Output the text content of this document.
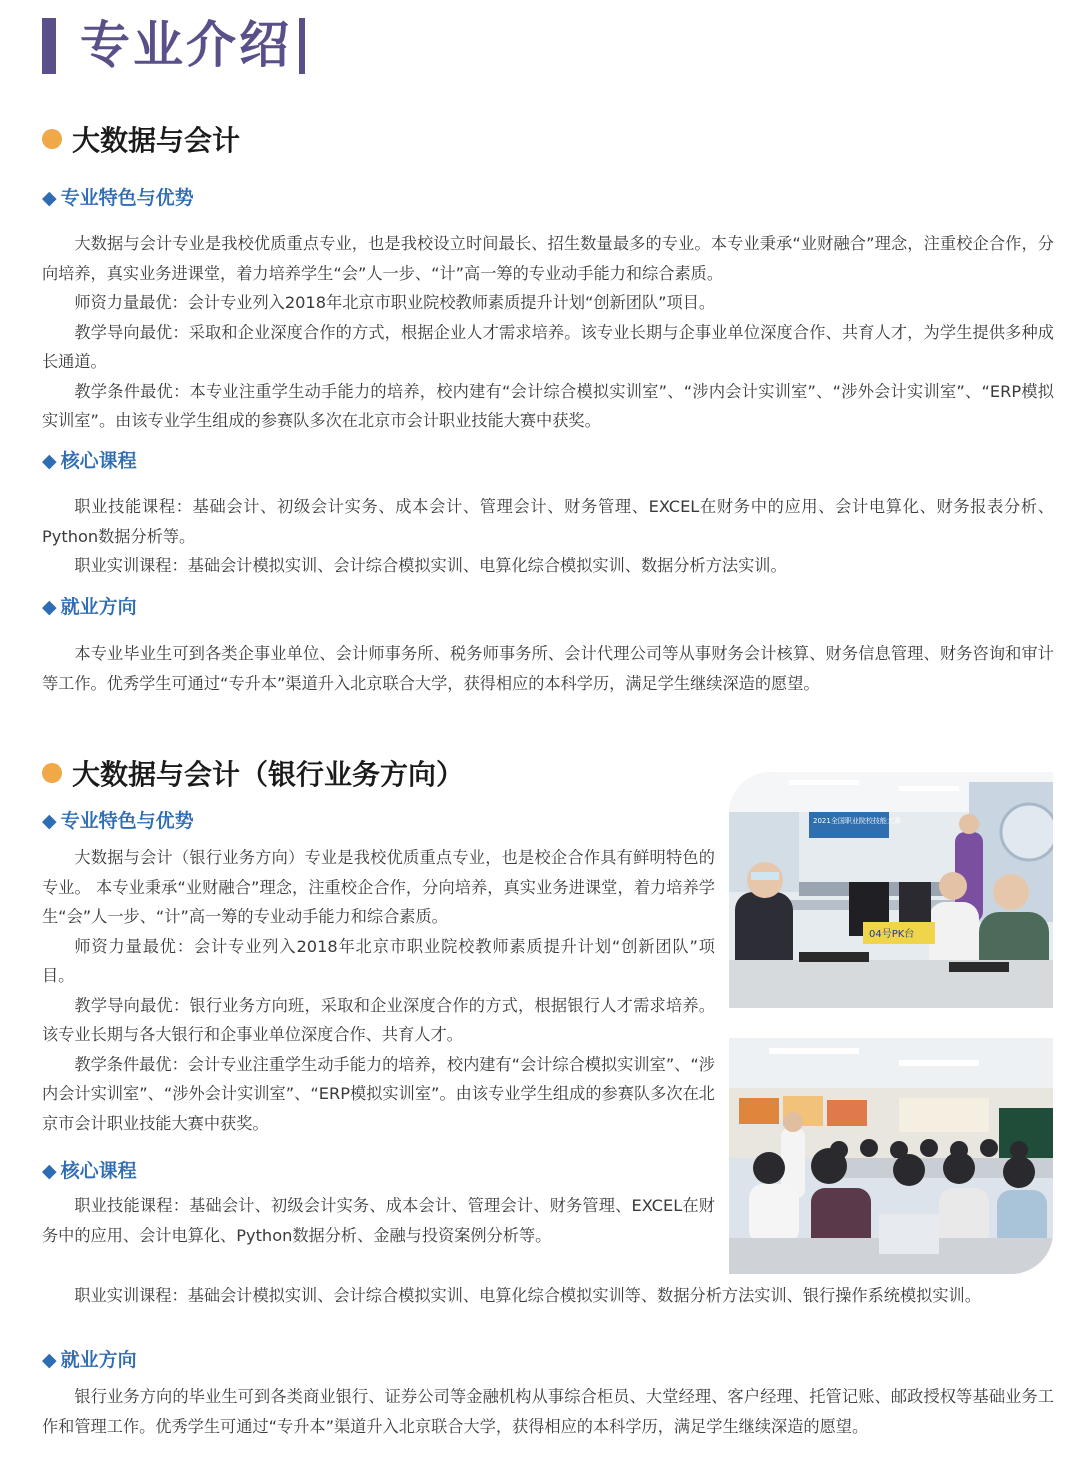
专业介绍
大数据与会计
◆ 专业特色与优势

大数据与会计专业是我校优质重点专业，也是我校设立时间最长、招生数量最多的专业。本专业秉承“业财融合”理念，注重校企合作，分向培养，真实业务进课堂，着力培养学生“会”人一步、“计”高一筹的专业动手能力和综合素质。

师资力量最优：会计专业列入2018年北京市职业院校教师素质提升计划“创新团队”项目。

教学导向最优：采取和企业深度合作的方式，根据企业人才需求培养。该专业长期与企事业单位深度合作、共育人才，为学生提供多种成长通道。

教学条件最优：本专业注重学生动手能力的培养，校内建有“会计综合模拟实训室”、“涉内会计实训室”、“涉外会计实训室”、“ERP模拟实训室”。由该专业学生组成的参赛队多次在北京市会计职业技能大赛中获奖。

◆ 核心课程

职业技能课程：基础会计、初级会计实务、成本会计、管理会计、财务管理、EXCEL在财务中的应用、会计电算化、财务报表分析、Python数据分析等。

职业实训课程：基础会计模拟实训、会计综合模拟实训、电算化综合模拟实训、数据分析方法实训。

◆ 就业方向

本专业毕业生可到各类企事业单位、会计师事务所、税务师事务所、会计代理公司等从事财务会计核算、财务信息管理、财务咨询和审计等工作。优秀学生可通过“专升本”渠道升入北京联合大学，获得相应的本科学历，满足学生继续深造的愿望。

大数据与会计（银行业务方向）
◆ 专业特色与优势

大数据与会计（银行业务方向）专业是我校优质重点专业，也是校企合作具有鲜明特色的专业。 本专业秉承“业财融合”理念，注重校企合作，分向培养，真实业务进课堂，着力培养学生“会”人一步、“计”高一筹的专业动手能力和综合素质。

师资力量最优：会计专业列入2018年北京市职业院校教师素质提升计划“创新团队”项目。

教学导向最优：银行业务方向班，采取和企业深度合作的方式，根据银行人才需求培养。该专业长期与各大银行和企事业单位深度合作、共育人才。

教学条件最优：会计专业注重学生动手能力的培养，校内建有“会计综合模拟实训室”、“涉内会计实训室”、“涉外会计实训室”、“ERP模拟实训室”。由该专业学生组成的参赛队多次在北京市会计职业技能大赛中获奖。

◆ 核心课程

职业技能课程：基础会计、初级会计实务、成本会计、管理会计、财务管理、EXCEL在财务中的应用、会计电算化、Python数据分析、金融与投资案例分析等。

职业实训课程：基础会计模拟实训、会计综合模拟实训、电算化综合模拟实训等、数据分析方法实训、银行操作系统模拟实训。

◆ 就业方向

银行业务方向的毕业生可到各类商业银行、证券公司等金融机构从事综合柜员、大堂经理、客户经理、托管记账、邮政授权等基础业务工作和管理工作。优秀学生可通过“专升本”渠道升入北京联合大学，获得相应的本科学历，满足学生继续深造的愿望。

2021全国职业院校技能大赛
04号PK台
